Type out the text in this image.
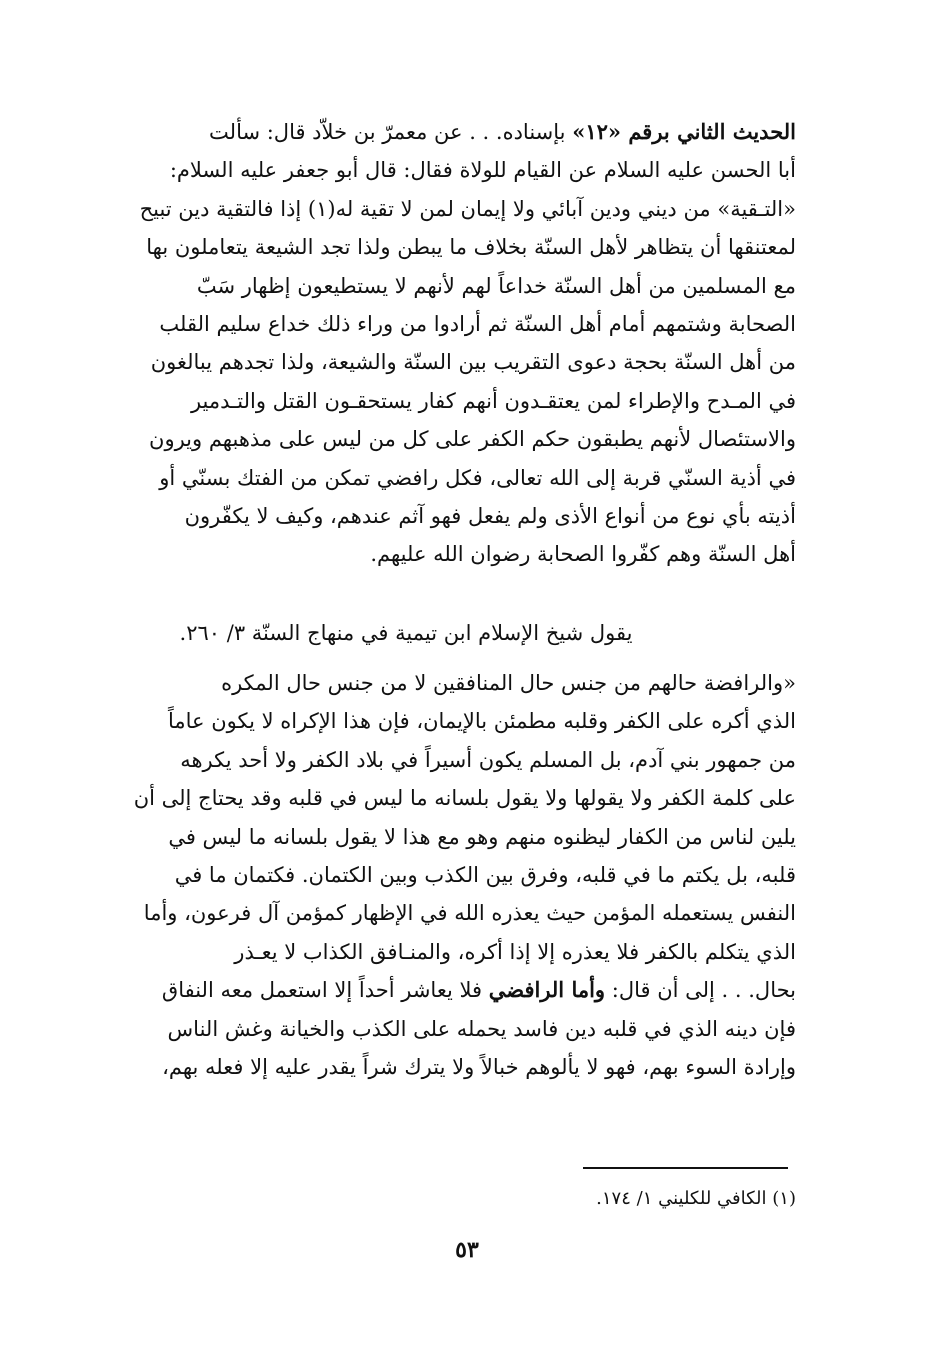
الحديث الثاني برقم «١٢» بإسناده. . . عن معمرّ بن خلاّد قال: سألت
أبا الحسن عليه السلام عن القيام للولاة فقال: قال أبو جعفر عليه السلام:
«التـقية» من ديني ودين آبائي ولا إيمان لمن لا تقية له(١) إذا فالتقية دين تبيح
لمعتنقها أن يتظاهر لأهل السنّة بخلاف ما يبطن ولذا تجد الشيعة يتعاملون بها
مع المسلمين من أهل السنّة خداعاً لهم لأنهم لا يستطيعون إظهار سَبّ
الصحابة وشتمهم أمام أهل السنّة ثم أرادوا من وراء ذلك خداع سليم القلب
من أهل السنّة بحجة دعوى التقريب بين السنّة والشيعة، ولذا تجدهم يبالغون
في المـدح والإطراء لمن يعتقـدون أنهم كفار يستحقـون القتل والتـدمير
والاستئصال لأنهم يطبقون حكم الكفر على كل من ليس على مذهبهم ويرون
في أذية السنّي قربة إلى الله تعالى، فكل رافضي تمكن من الفتك بسنّي أو
أذيته بأي نوع من أنواع الأذى ولم يفعل فهو آثم عندهم، وكيف لا يكفّرون
أهل السنّة وهم كفّروا الصحابة رضوان الله عليهم.
يقول شيخ الإسلام ابن تيمية في منهاج السنّة ٣/ ٢٦٠.
«والرافضة حالهم من جنس حال المنافقين لا من جنس حال المكره
الذي أكره على الكفر وقلبه مطمئن بالإيمان، فإن هذا الإكراه لا يكون عاماً
من جمهور بني آدم، بل المسلم يكون أسيراً في بلاد الكفر ولا أحد يكرهه
على كلمة الكفر ولا يقولها ولا يقول بلسانه ما ليس في قلبه وقد يحتاج إلى أن
يلين لناس من الكفار ليظنوه منهم وهو مع هذا لا يقول بلسانه ما ليس في
قلبه، بل يكتم ما في قلبه، وفرق بين الكذب وبين الكتمان. فكتمان ما في
النفس يستعمله المؤمن حيث يعذره الله في الإظهار كمؤمن آل فرعون، وأما
الذي يتكلم بالكفر فلا يعذره إلا إذا أكره، والمنـافق الكذاب لا يعـذر
بحال. . . إلى أن قال: وأما الرافضي فلا يعاشر أحداً إلا استعمل معه النفاق
فإن دينه الذي في قلبه دين فاسد يحمله على الكذب والخيانة وغش الناس
وإرادة السوء بهم، فهو لا يألوهم خبالاً ولا يترك شراً يقدر عليه إلا فعله بهم،
(١) الكافي للكليني ١/ ١٧٤.
٥٣
